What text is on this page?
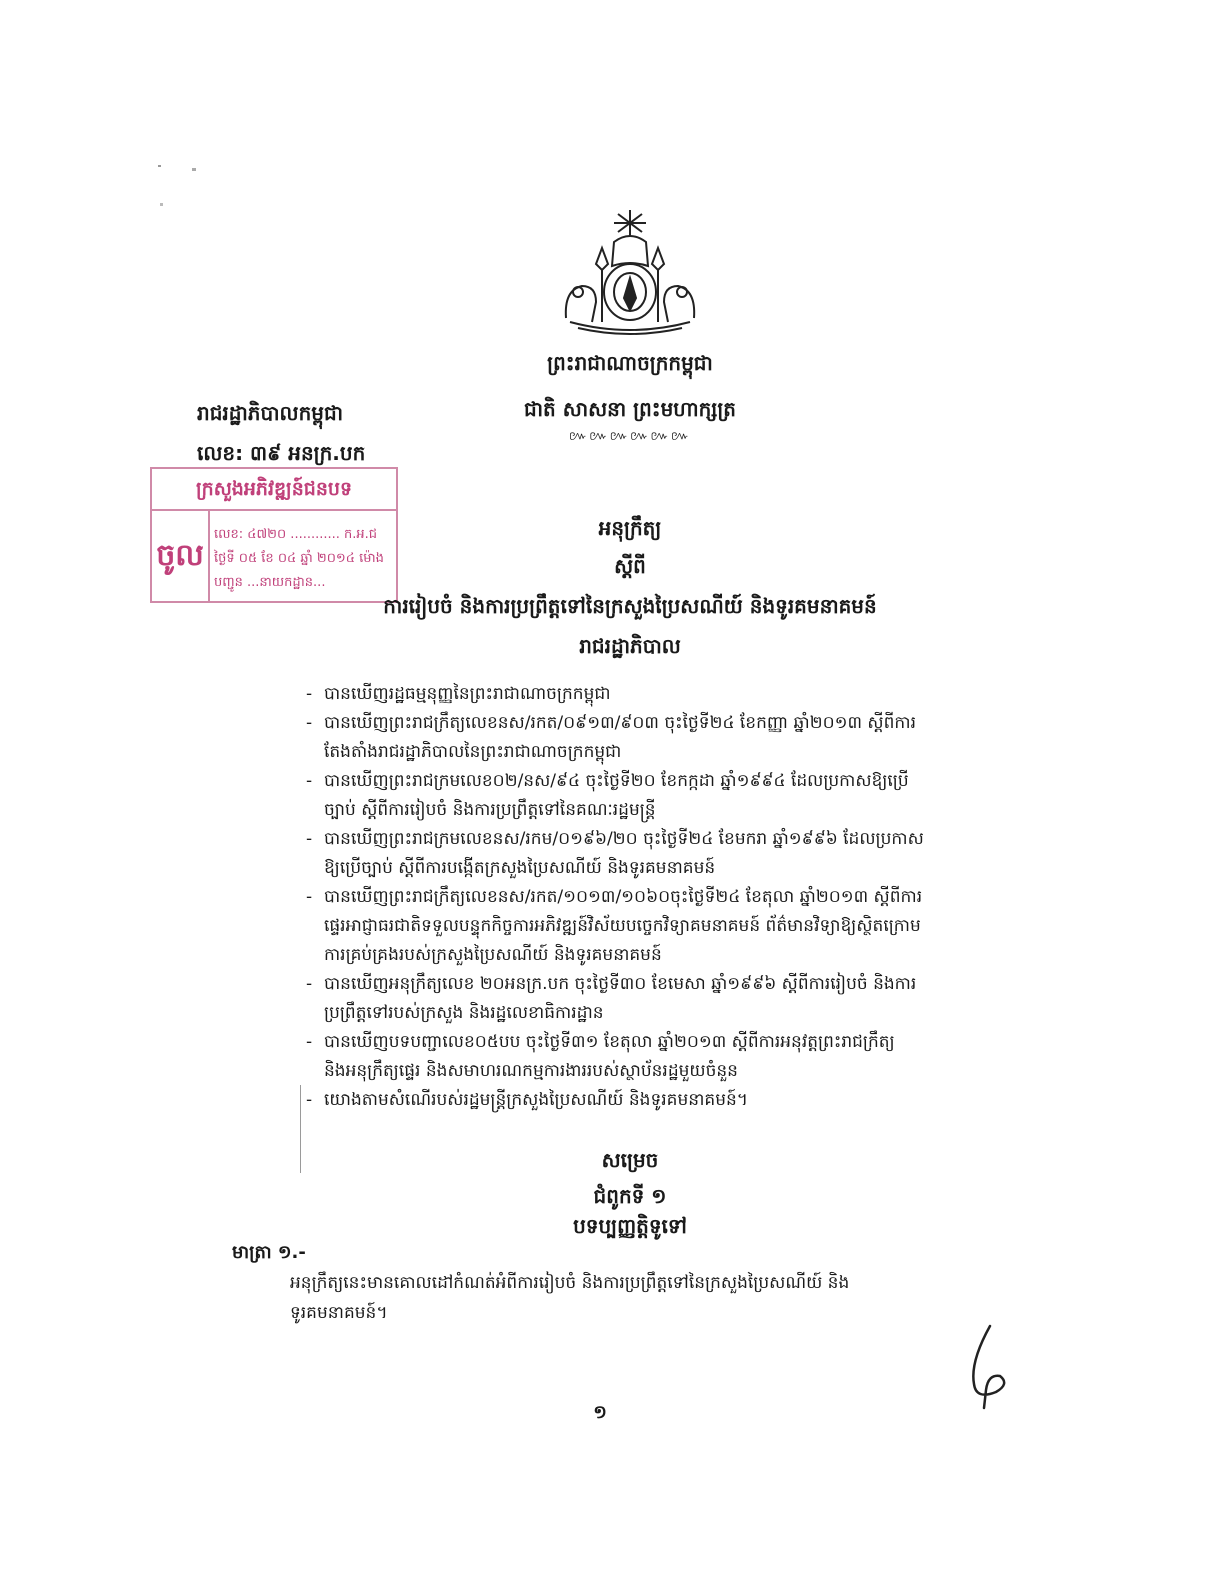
ព្រះរាជាណាចក្រកម្ពុជា
ជាតិ សាសនា ព្រះមហាក្សត្រ
៚៚៚៚៚៚
រាជរដ្ឋាភិបាលកម្ពុជា
លេខ: ៣៩ អនក្រ.បក
ក្រសួងអភិវឌ្ឍន៍ជនបទ
ចូល
លេខ: ៤៧២០ ............ ក.អ.ជ
ថ្ងៃទី ០៥ ខែ ០៤ ឆ្នាំ ២០១៤ ម៉ោង
បញ្ជូន ...នាយកដ្ឋាន...
អនុក្រឹត្យ
ស្ដីពី
ការរៀបចំ និងការប្រព្រឹត្តទៅនៃក្រសួងប្រៃសណីយ៍ និងទូរគមនាគមន៍
រាជរដ្ឋាភិបាល
- បានឃើញរដ្ឋធម្មនុញ្ញនៃព្រះរាជាណាចក្រកម្ពុជា
- បានឃើញព្រះរាជក្រឹត្យលេខនស/រកត/០៩១៣/៩០៣ ចុះថ្ងៃទី២៤ ខែកញ្ញា ឆ្នាំ២០១៣ ស្ដីពីការ
តែងតាំងរាជរដ្ឋាភិបាលនៃព្រះរាជាណាចក្រកម្ពុជា
- បានឃើញព្រះរាជក្រមលេខ០២/នស/៩៤ ចុះថ្ងៃទី២០ ខែកក្កដា ឆ្នាំ១៩៩៤ ដែលប្រកាសឱ្យប្រើ
ច្បាប់ ស្ដីពីការរៀបចំ និងការប្រព្រឹត្តទៅនៃគណៈរដ្ឋមន្ត្រី
- បានឃើញព្រះរាជក្រមលេខនស/រកម/០១៩៦/២០ ចុះថ្ងៃទី២៤ ខែមករា ឆ្នាំ១៩៩៦ ដែលប្រកាស
ឱ្យប្រើច្បាប់ ស្ដីពីការបង្កើតក្រសួងប្រៃសណីយ៍ និងទូរគមនាគមន៍
- បានឃើញព្រះរាជក្រឹត្យលេខនស/រកត/១០១៣/១០៦០ចុះថ្ងៃទី២៤ ខែតុលា ឆ្នាំ២០១៣ ស្ដីពីការ
ផ្ទេរអាជ្ញាធរជាតិទទួលបន្ទុកកិច្ចការអភិវឌ្ឍន៍វិស័យបច្ចេកវិទ្យាគមនាគមន៍ ព័ត៌មានវិទ្យាឱ្យស្ថិតក្រោម
ការគ្រប់គ្រងរបស់ក្រសួងប្រៃសណីយ៍ និងទូរគមនាគមន៍
- បានឃើញអនុក្រឹត្យលេខ ២០អនក្រ.បក ចុះថ្ងៃទី៣០ ខែមេសា ឆ្នាំ១៩៩៦ ស្ដីពីការរៀបចំ និងការ
ប្រព្រឹត្តទៅរបស់ក្រសួង និងរដ្ឋលេខាធិការដ្ឋាន
- បានឃើញបទបញ្ជាលេខ០៥បប ចុះថ្ងៃទី៣១ ខែតុលា ឆ្នាំ២០១៣ ស្ដីពីការអនុវត្តព្រះរាជក្រឹត្យ
និងអនុក្រឹត្យផ្ទេរ និងសមាហរណកម្មការងាររបស់ស្ថាប័នរដ្ឋមួយចំនួន
- យោងតាមសំណើរបស់រដ្ឋមន្ត្រីក្រសួងប្រៃសណីយ៍ និងទូរគមនាគមន៍។
សម្រេច
ជំពូកទី ១
បទប្បញ្ញត្តិទូទៅ
មាត្រា ១.-
អនុក្រឹត្យនេះមានគោលដៅកំណត់អំពីការរៀបចំ និងការប្រព្រឹត្តទៅនៃក្រសួងប្រៃសណីយ៍ និង
ទូរគមនាគមន៍។
១
